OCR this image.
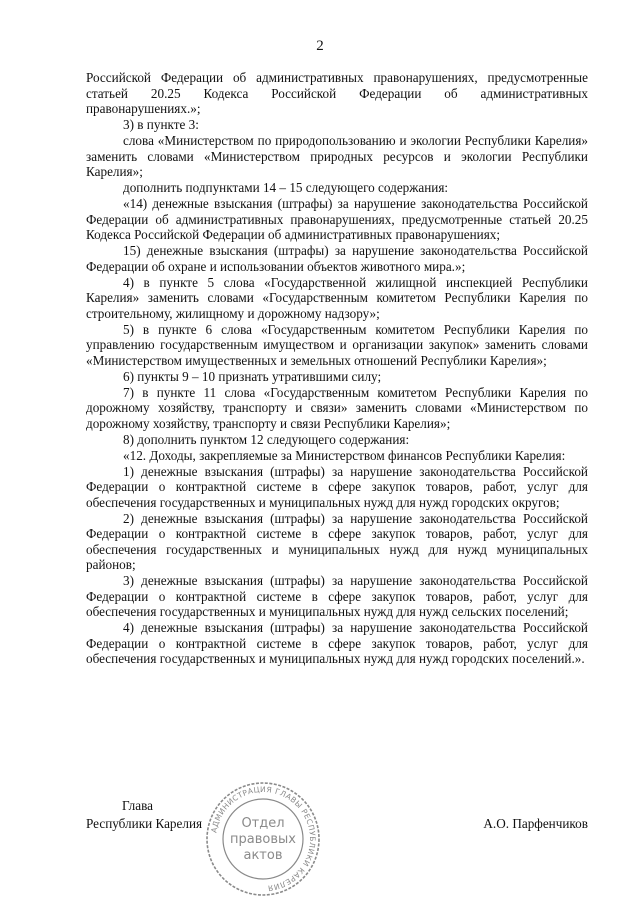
2

Российской Федерации об административных правонарушениях, предусмотренные статьей 20.25 Кодекса Российской Федерации об административных правонарушениях.»;

3) в пункте 3:

слова «Министерством по природопользованию и экологии Республики Карелия» заменить словами «Министерством природных ресурсов и экологии Республики Карелия»;

дополнить подпунктами 14 – 15 следующего содержания:

«14) денежные взыскания (штрафы) за нарушение законодательства Российской Федерации об административных правонарушениях, предусмотренные статьей 20.25 Кодекса Российской Федерации об административных правонарушениях;

15) денежные взыскания (штрафы) за нарушение законодательства Российской Федерации об охране и использовании объектов животного мира.»;

4) в пункте 5 слова «Государственной жилищной инспекцией Республики Карелия» заменить словами «Государственным комитетом Республики Карелия по строительному, жилищному и дорожному надзору»;

5) в пункте 6 слова «Государственным комитетом Республики Карелия по управлению государственным имуществом и организации закупок» заменить словами «Министерством имущественных и земельных отношений Республики Карелия»;

6) пункты 9 – 10 признать утратившими силу;

7) в пункте 11 слова «Государственным комитетом Республики Карелия по дорожному хозяйству, транспорту и связи» заменить словами «Министерством по дорожному хозяйству, транспорту и связи Республики Карелия»;

8) дополнить пунктом 12 следующего содержания:

«12. Доходы, закрепляемые за Министерством финансов Республики Карелия:

1) денежные взыскания (штрафы) за нарушение законодательства Российской Федерации о контрактной системе в сфере закупок товаров, работ, услуг для обеспечения государственных и муниципальных нужд для нужд городских округов;

2) денежные взыскания (штрафы) за нарушение законодательства Российской Федерации о контрактной системе в сфере закупок товаров, работ, услуг для обеспечения государственных и муниципальных нужд для нужд муниципальных районов;

3) денежные взыскания (штрафы) за нарушение законодательства Российской Федерации о контрактной системе в сфере закупок товаров, работ, услуг для обеспечения государственных и муниципальных нужд для нужд сельских поселений;

4) денежные взыскания (штрафы) за нарушение законодательства Российской Федерации о контрактной системе в сфере закупок товаров, работ, услуг для обеспечения государственных и муниципальных нужд для нужд городских поселений.».

Глава
Республики Карелия	А.О. Парфенчиков
АДМИНИСТРАЦИЯ ГЛАВЫ РЕСПУБЛИКИ КАРЕЛИЯ
Отдел
правовых
актов
